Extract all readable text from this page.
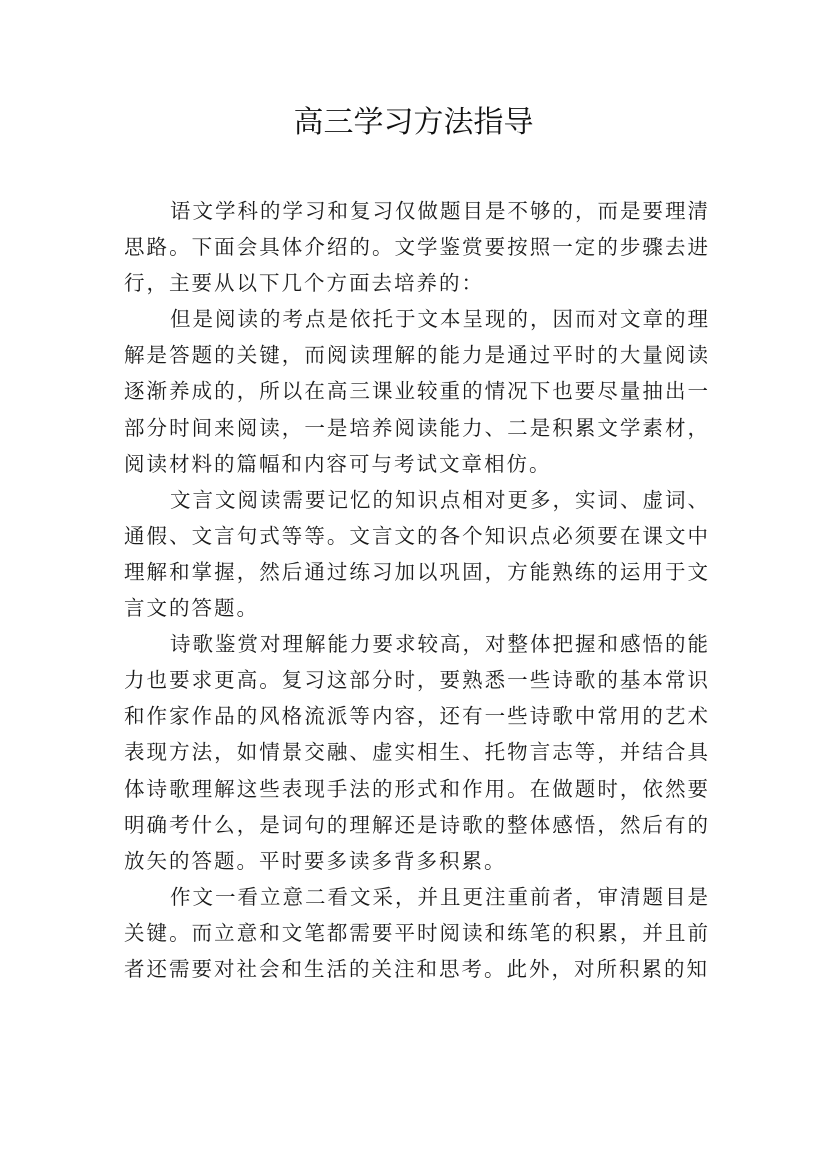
高三学习方法指导

语文学科的学习和复习仅做题目是不够的，而是要理清思路。下面会具体介绍的。文学鉴赏要按照一定的步骤去进行，主要从以下几个方面去培养的：

但是阅读的考点是依托于文本呈现的，因而对文章的理解是答题的关键，而阅读理解的能力是通过平时的大量阅读逐渐养成的，所以在高三课业较重的情况下也要尽量抽出一部分时间来阅读，一是培养阅读能力、二是积累文学素材，阅读材料的篇幅和内容可与考试文章相仿。

文言文阅读需要记忆的知识点相对更多，实词、虚词、通假、文言句式等等。文言文的各个知识点必须要在课文中理解和掌握，然后通过练习加以巩固，方能熟练的运用于文言文的答题。

诗歌鉴赏对理解能力要求较高，对整体把握和感悟的能力也要求更高。复习这部分时，要熟悉一些诗歌的基本常识和作家作品的风格流派等内容，还有一些诗歌中常用的艺术表现方法，如情景交融、虚实相生、托物言志等，并结合具体诗歌理解这些表现手法的形式和作用。在做题时，依然要明确考什么，是词句的理解还是诗歌的整体感悟，然后有的放矢的答题。平时要多读多背多积累。

作文一看立意二看文采，并且更注重前者，审清题目是关键。而立意和文笔都需要平时阅读和练笔的积累，并且前者还需要对社会和生活的关注和思考。此外，对所积累的知
